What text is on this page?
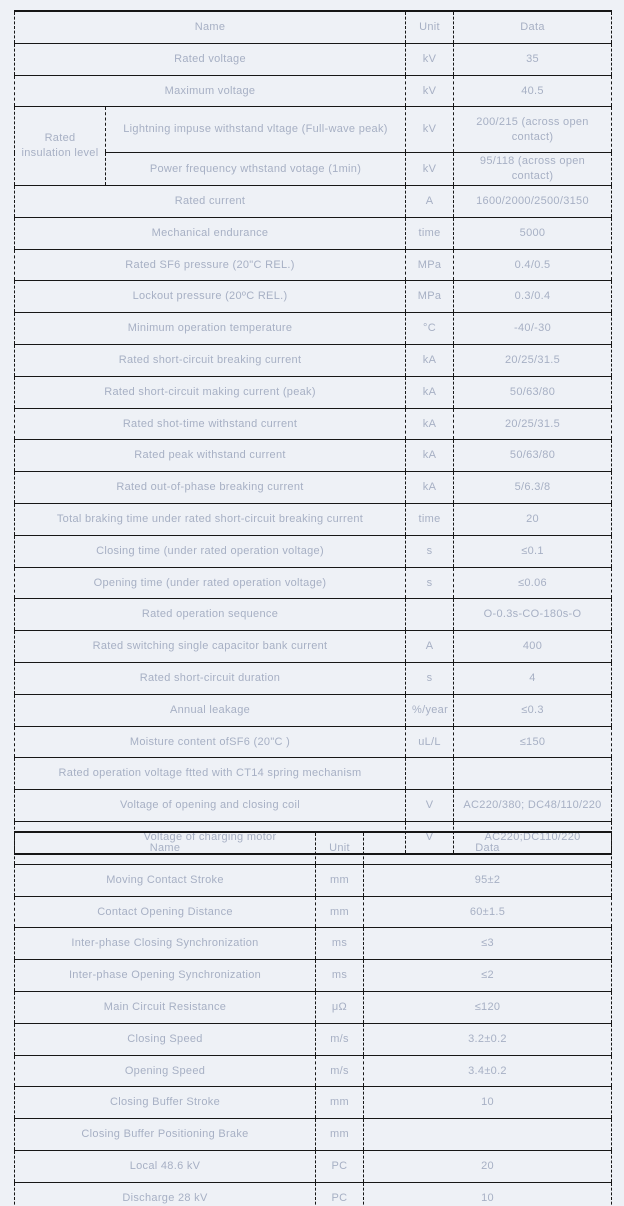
Name		Unit	Data
Rated voltage		kV	35
Maximum voltage		kV	40.5
Rated insulation level	Lightning impuse withstand vltage (Full-wave peak)	kV	200/215 (across open contact)
	Power frequency wthstand votage (1min)	kV	95/118 (across open contact)
Rated current		A	1600/2000/2500/3150
Mechanical endurance		time	5000
Rated SF6 pressure (20"C REL.)		MPa	0.4/0.5
Lockout pressure (20ºC REL.)		MPa	0.3/0.4
Minimum operation temperature		°C	-40/-30
Rated short-circuit breaking current		kA	20/25/31.5
Rated short-circuit making current (peak)		kA	50/63/80
Rated shot-time withstand current		kA	20/25/31.5
Rated peak withstand current		kA	50/63/80
Rated out-of-phase breaking current		kA	5/6.3/8
Total braking time under rated short-circuit breaking current		time	20
Closing time (under rated operation voltage)		s	≤0.1
Opening time (under rated operation voltage)		s	≤0.06
Rated operation sequence			O-0.3s-CO-180s-O
Rated switching single capacitor bank current		A	400
Rated short-circuit duration		s	4
Annual leakage		%/year	≤0.3
Moisture content ofSF6 (20"C )		uL/L	≤150
Rated operation voltage ftted with CT14 spring mechanism			
Voltage of opening and closing coil		V	AC220/380; DC48/110/220
Voltage of charging motor		V	AC220;DC110/220
Name	Unit	Data
Moving Contact Stroke	mm	95±2
Contact Opening Distance	mm	60±1.5
Inter-phase Closing Synchronization	ms	≤3
Inter-phase Opening Synchronization	ms	≤2
Main Circuit Resistance	μΩ	≤120
Closing Speed	m/s	3.2±0.2
Opening Speed	m/s	3.4±0.2
Closing Buffer Stroke	mm	10
Closing Buffer Positioning Brake	mm	
Local 48.6 kV	PC	20
Discharge 28 kV	PC	10
